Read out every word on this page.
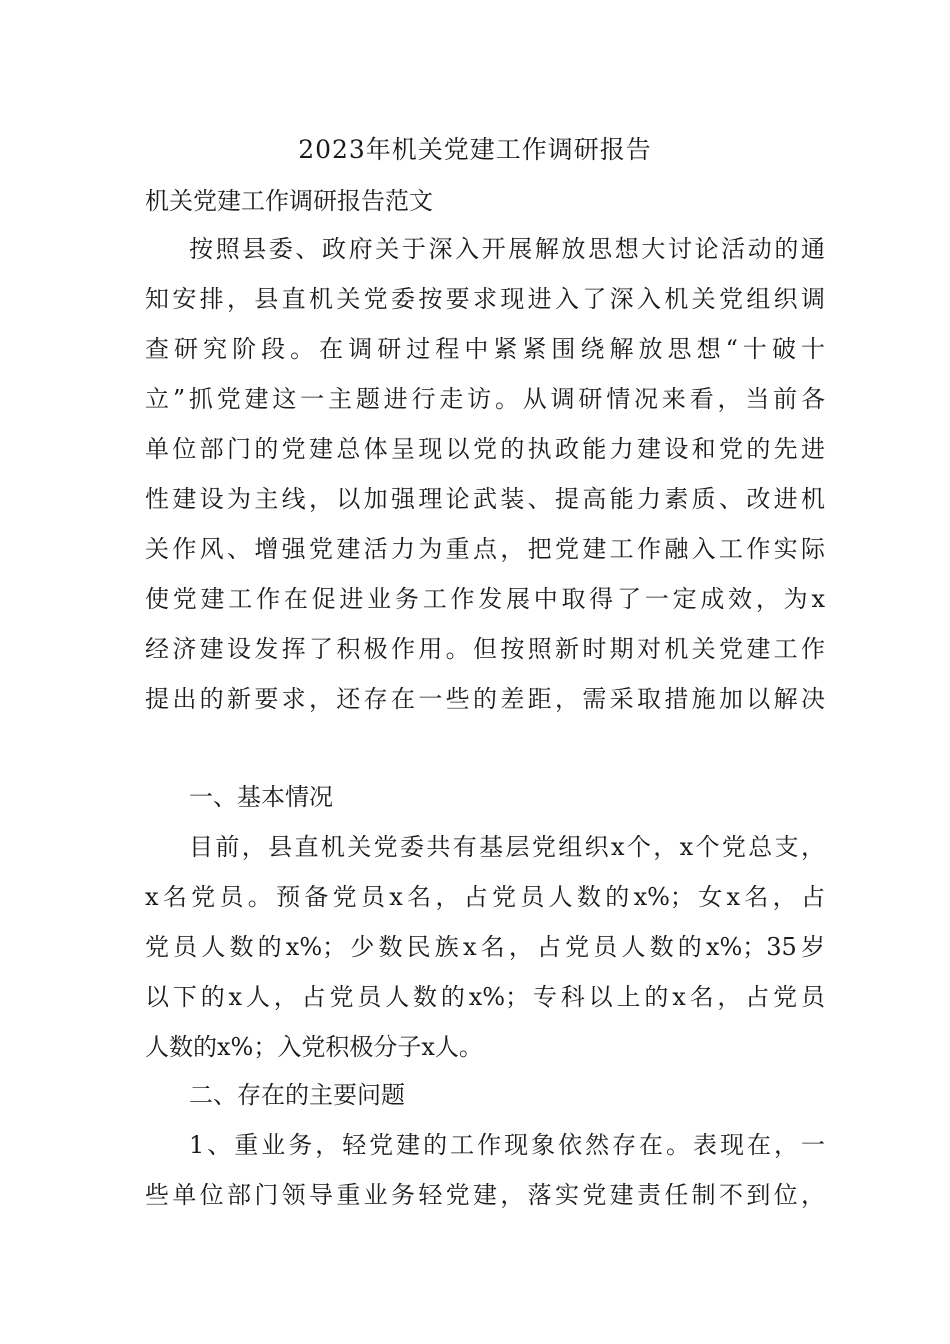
2023年机关党建工作调研报告
机关党建工作调研报告范文
按照县委、政府关于深入开展解放思想大讨论活动的通
知安排，县直机关党委按要求现进入了深入机关党组织调
查研究阶段。在调研过程中紧紧围绕解放思想“十破十
立”抓党建这一主题进行走访。从调研情况来看，当前各
单位部门的党建总体呈现以党的执政能力建设和党的先进
性建设为主线，以加强理论武装、提高能力素质、改进机
关作风、增强党建活力为重点，把党建工作融入工作实际
使党建工作在促进业务工作发展中取得了一定成效，为x
经济建设发挥了积极作用。但按照新时期对机关党建工作
提出的新要求，还存在一些的差距，需采取措施加以解决
一、基本情况
目前，县直机关党委共有基层党组织x个，x个党总支，
x名党员。预备党员x名，占党员人数的x%；女x名，占
党员人数的x%；少数民族x名，占党员人数的x%；35岁
以下的x人，占党员人数的x%；专科以上的x名，占党员
人数的x%；入党积极分子x人。
二、存在的主要问题
1、重业务，轻党建的工作现象依然存在。表现在，一
些单位部门领导重业务轻党建，落实党建责任制不到位，
